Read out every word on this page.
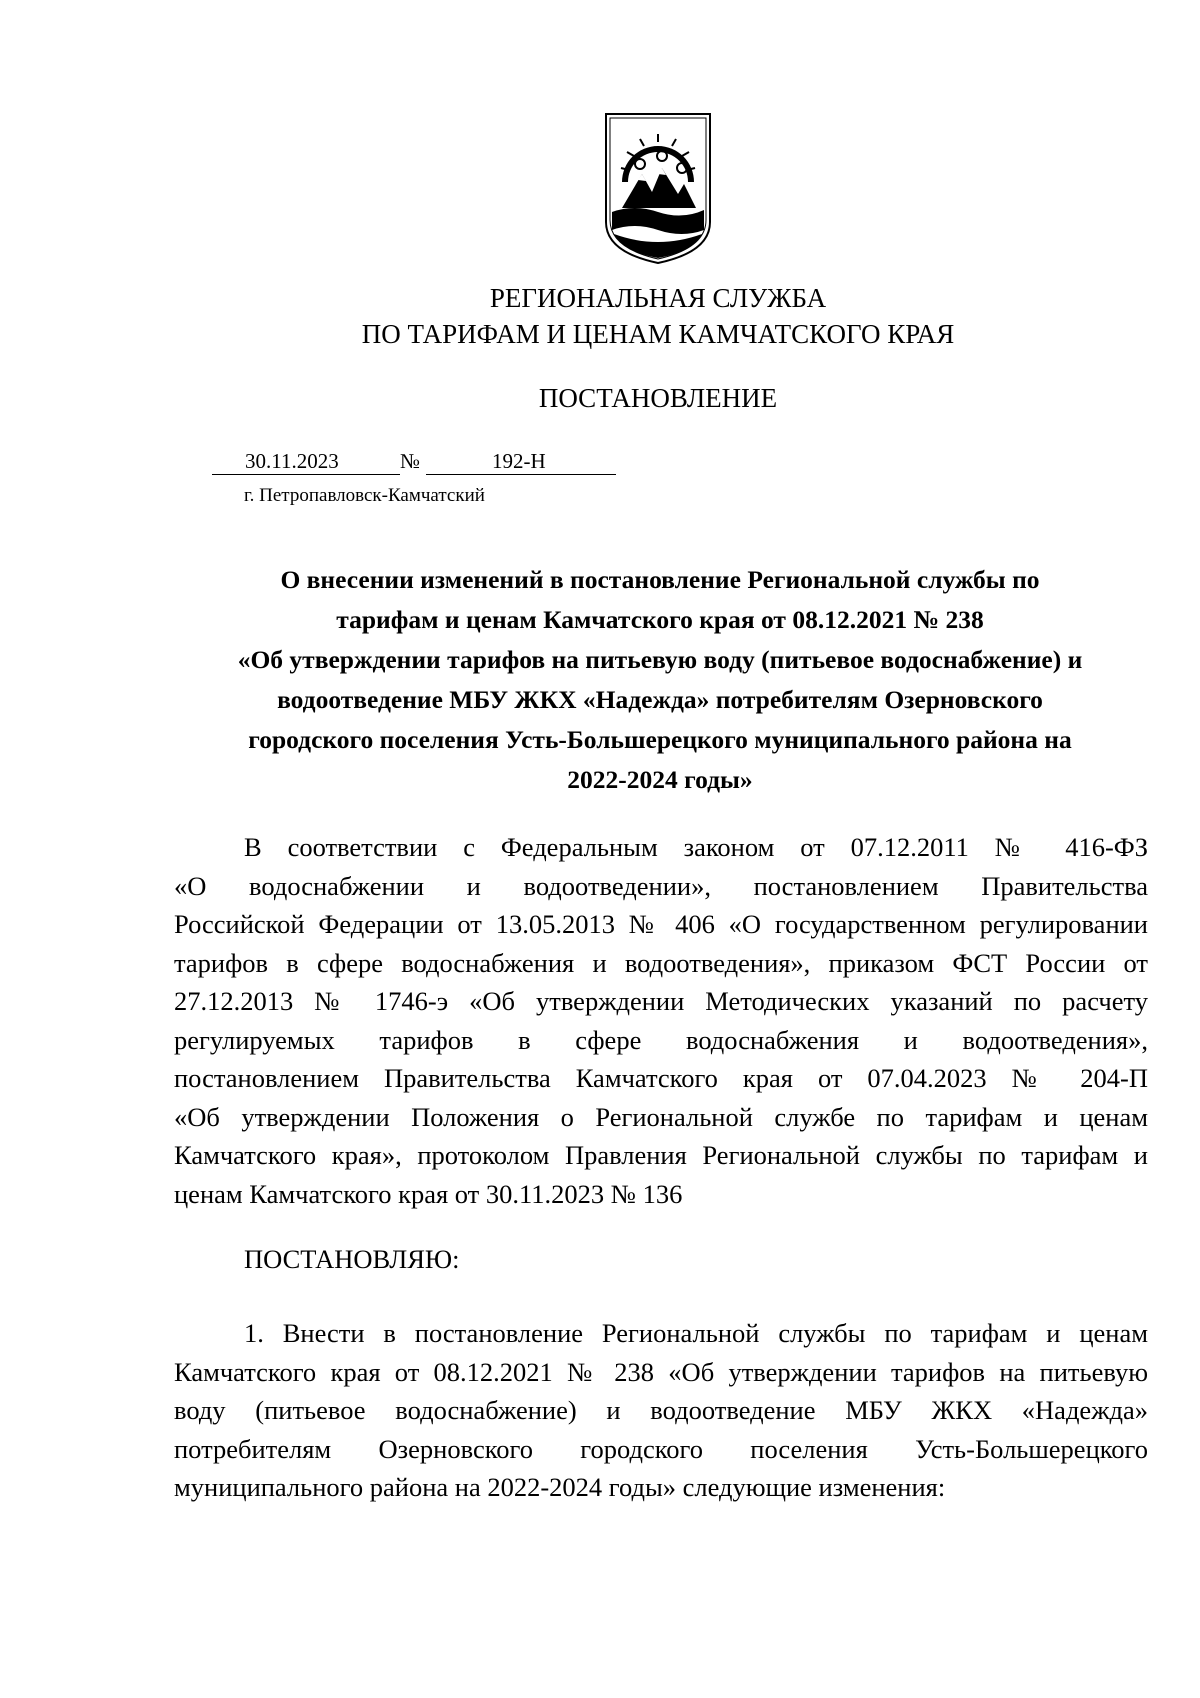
РЕГИОНАЛЬНАЯ СЛУЖБА
ПО ТАРИФАМ И ЦЕНАМ КАМЧАТСКОГО КРАЯ
ПОСТАНОВЛЕНИЕ
30.11.2023	№	192-Н
г. Петропавловск-Камчатский
О внесении изменений в постановление Региональной службы по
тарифам и ценам Камчатского края от 08.12.2021 № 238
«Об утверждении тарифов на питьевую воду (питьевое водоснабжение) и
водоотведение МБУ ЖКХ «Надежда» потребителям Озерновского
городского поселения Усть-Большерецкого муниципального района на
2022-2024 годы»
В соответствии с Федеральным законом от 07.12.2011 № 416-ФЗ
«О водоснабжении и водоотведении», постановлением Правительства
Российской Федерации от 13.05.2013 № 406 «О государственном регулировании
тарифов в сфере водоснабжения и водоотведения», приказом ФСТ России от
27.12.2013 № 1746-э «Об утверждении Методических указаний по расчету
регулируемых тарифов в сфере водоснабжения и водоотведения»,
постановлением Правительства Камчатского края от 07.04.2023 № 204-П
«Об утверждении Положения о Региональной службе по тарифам и ценам
Камчатского края», протоколом Правления Региональной службы по тарифам и
ценам Камчатского края от 30.11.2023 № 136
ПОСТАНОВЛЯЮ:
1. Внести в постановление Региональной службы по тарифам и ценам
Камчатского края от 08.12.2021 № 238 «Об утверждении тарифов на питьевую
воду (питьевое водоснабжение) и водоотведение МБУ ЖКХ «Надежда»
потребителям Озерновского городского поселения Усть-Большерецкого
муниципального района на 2022-2024 годы» следующие изменения:
